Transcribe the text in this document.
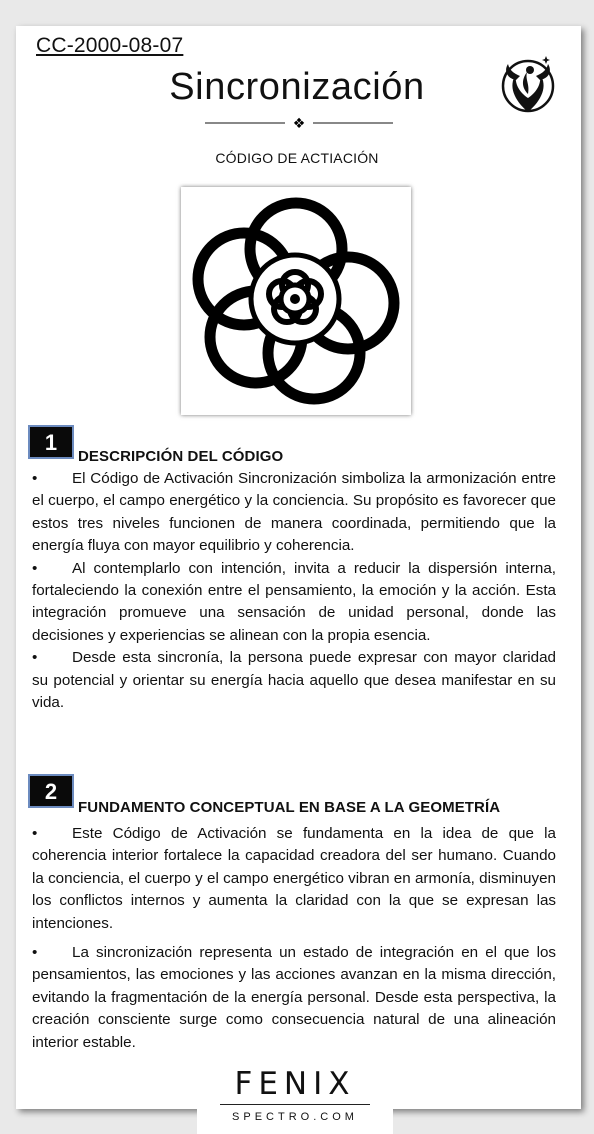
CC-2000-08-07
Sincronización
❖
CÓDIGO DE ACTIACIÓN
1
DESCRIPCIÓN DEL CÓDIGO

• El Código de Activación Sincronización simboliza la armonización entre el cuerpo, el campo energético y la conciencia. Su propósito es favorecer que estos tres niveles funcionen de manera coordinada, permitiendo que la energía fluya con mayor equilibrio y coherencia.

• Al contemplarlo con intención, invita a reducir la dispersión interna, fortaleciendo la conexión entre el pensamiento, la emoción y la acción. Esta integración promueve una sensación de unidad personal, donde las decisiones y experiencias se alinean con la propia esencia.

• Desde esta sincronía, la persona puede expresar con mayor claridad su potencial y orientar su energía hacia aquello que desea manifestar en su vida.

2
FUNDAMENTO CONCEPTUAL EN BASE A LA GEOMETRÍA

• Este Código de Activación se fundamenta en la idea de que la coherencia interior fortalece la capacidad creadora del ser humano. Cuando la conciencia, el cuerpo y el campo energético vibran en armonía, disminuyen los conflictos internos y aumenta la claridad con la que se expresan las intenciones.

• La sincronización representa un estado de integración en el que los pensamientos, las emociones y las acciones avanzan en la misma dirección, evitando la fragmentación de la energía personal. Desde esta perspectiva, la creación consciente surge como consecuencia natural de una alineación interior estable.

FENIX
SPECTRO.COM
